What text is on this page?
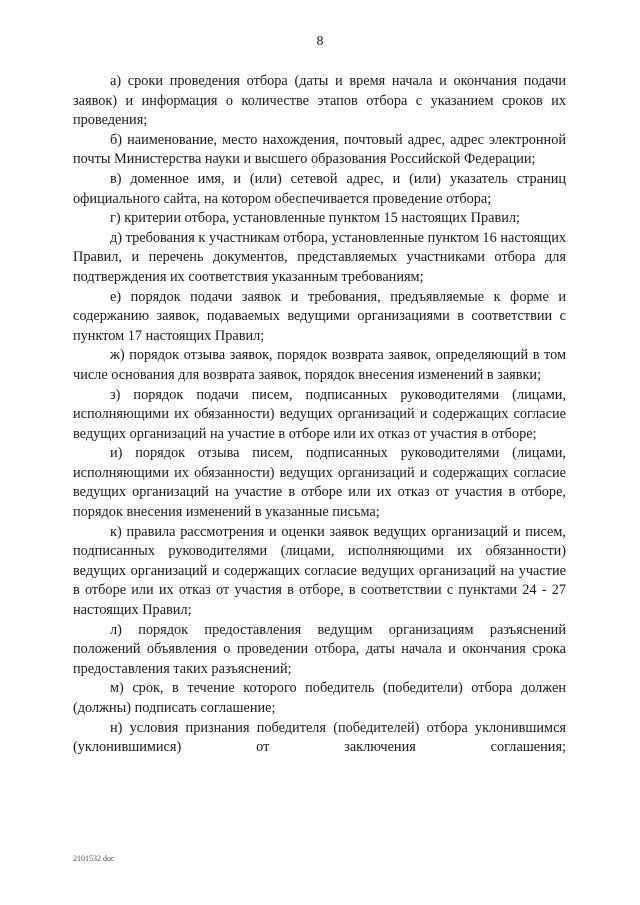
8

а) сроки проведения отбора (даты и время начала и окончания подачи заявок) и информация о количестве этапов отбора с указанием сроков их проведения;

б) наименование, место нахождения, почтовый адрес, адрес электронной почты Министерства науки и высшего образования Российской Федерации;

в) доменное имя, и (или) сетевой адрес, и (или) указатель страниц официального сайта, на котором обеспечивается проведение отбора;

г) критерии отбора, установленные пунктом 15 настоящих Правил;

д) требования к участникам отбора, установленные пунктом 16 настоящих Правил, и перечень документов, представляемых участниками отбора для подтверждения их соответствия указанным требованиям;

е) порядок подачи заявок и требования, предъявляемые к форме и содержанию заявок, подаваемых ведущими организациями в соответствии с пунктом 17 настоящих Правил;

ж) порядок отзыва заявок, порядок возврата заявок, определяющий в том числе основания для возврата заявок, порядок внесения изменений в заявки;

з) порядок подачи писем, подписанных руководителями (лицами, исполняющими их обязанности) ведущих организаций и содержащих согласие ведущих организаций на участие в отборе или их отказ от участия в отборе;

и) порядок отзыва писем, подписанных руководителями (лицами, исполняющими их обязанности) ведущих организаций и содержащих согласие ведущих организаций на участие в отборе или их отказ от участия в отборе, порядок внесения изменений в указанные письма;

к) правила рассмотрения и оценки заявок ведущих организаций и писем, подписанных руководителями (лицами, исполняющими их обязанности) ведущих организаций и содержащих согласие ведущих организаций на участие в отборе или их отказ от участия в отборе, в соответствии с пунктами 24 - 27 настоящих Правил;

л) порядок предоставления ведущим организациям разъяснений положений объявления о проведении отбора, даты начала и окончания срока предоставления таких разъяснений;

м) срок, в течение которого победитель (победители) отбора должен (должны) подписать соглашение;

н) условия признания победителя (победителей) отбора уклонившимся (уклонившимися) от заключения соглашения;

2101532 doc
